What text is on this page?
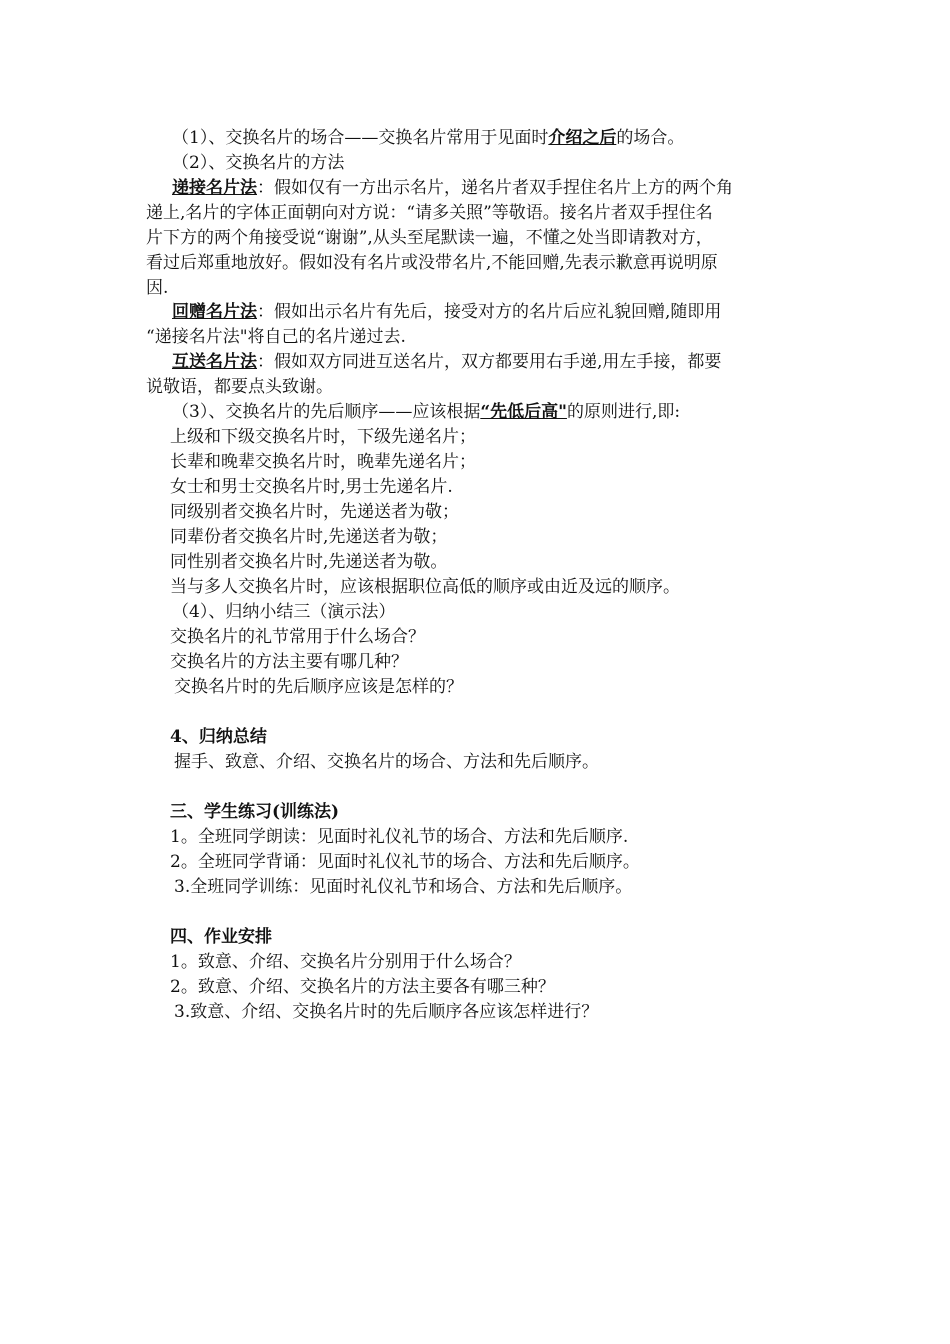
（1）、交换名片的场合——交换名片常用于见面时介绍之后的场合。
（2）、交换名片的方法
递接名片法：假如仅有一方出示名片，递名片者双手捏住名片上方的两个角
递上,名片的字体正面朝向对方说：“请多关照”等敬语。接名片者双手捏住名
片下方的两个角接受说“谢谢”,从头至尾默读一遍，不懂之处当即请教对方，
看过后郑重地放好。假如没有名片或没带名片,不能回赠,先表示歉意再说明原
因.
回赠名片法：假如出示名片有先后，接受对方的名片后应礼貌回赠,随即用
“递接名片法"将自己的名片递过去.
互送名片法：假如双方同进互送名片，双方都要用右手递,用左手接，都要
说敬语，都要点头致谢。
（3）、交换名片的先后顺序——应该根据“先低后高"的原则进行,即:
上级和下级交换名片时，下级先递名片；
长辈和晚辈交换名片时，晚辈先递名片；
女士和男士交换名片时,男士先递名片.
同级别者交换名片时，先递送者为敬；
同辈份者交换名片时,先递送者为敬；
同性别者交换名片时,先递送者为敬。
当与多人交换名片时，应该根据职位高低的顺序或由近及远的顺序。
（4）、归纳小结三（演示法）
交换名片的礼节常用于什么场合？
交换名片的方法主要有哪几种？
交换名片时的先后顺序应该是怎样的？
4、归纳总结
握手、致意、介绍、交换名片的场合、方法和先后顺序。
三、学生练习(训练法)
1。全班同学朗读：见面时礼仪礼节的场合、方法和先后顺序.
2。全班同学背诵：见面时礼仪礼节的场合、方法和先后顺序。
3.全班同学训练：见面时礼仪礼节和场合、方法和先后顺序。
四、作业安排
1。致意、介绍、交换名片分别用于什么场合？
2。致意、介绍、交换名片的方法主要各有哪三种？
3.致意、介绍、交换名片时的先后顺序各应该怎样进行？
